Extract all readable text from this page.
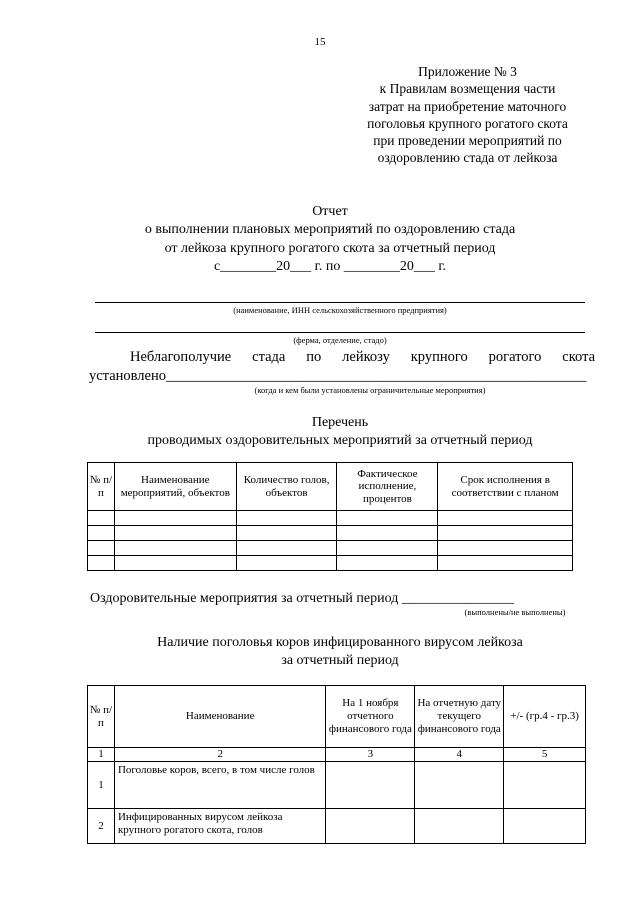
15
Приложение № 3
к Правилам возмещения части
затрат на приобретение маточного
поголовья крупного рогатого скота
при проведении мероприятий по
оздоровлению стада от лейкоза
Отчет
о выполнении плановых мероприятий по оздоровлению стада
от лейкоза крупного рогатого скота за отчетный период
с________20___ г. по ________20___ г.
(наименование, ИНН сельскохозяйственного предприятия)
(ферма, отделение, стадо)
Неблагополучие стада по лейкозу крупного рогатого скота
установлено__________________________________________________________
(когда и кем были установлены ограничительные мероприятия)
Перечень
проводимых оздоровительных мероприятий за отчетный период
№ п/п	Наименование мероприятий, объектов	Количество голов, объектов	Фактическое исполнение, процентов	Срок исполнения в соответствии с планом

Оздоровительные мероприятия за отчетный период ________________
(выполнены/не выполнены)
Наличие поголовья коров инфицированного вирусом лейкоза
за отчетный период
№ п/п	Наименование	На 1 ноября отчетного финансового года	На отчетную дату текущего финансового года	+/- (гр.4 - гр.3)
1	2	3	4	5
1	Поголовье коров, всего, в том числе голов			
2	Инфицированных вирусом лейкоза крупного рогатого скота, голов			
